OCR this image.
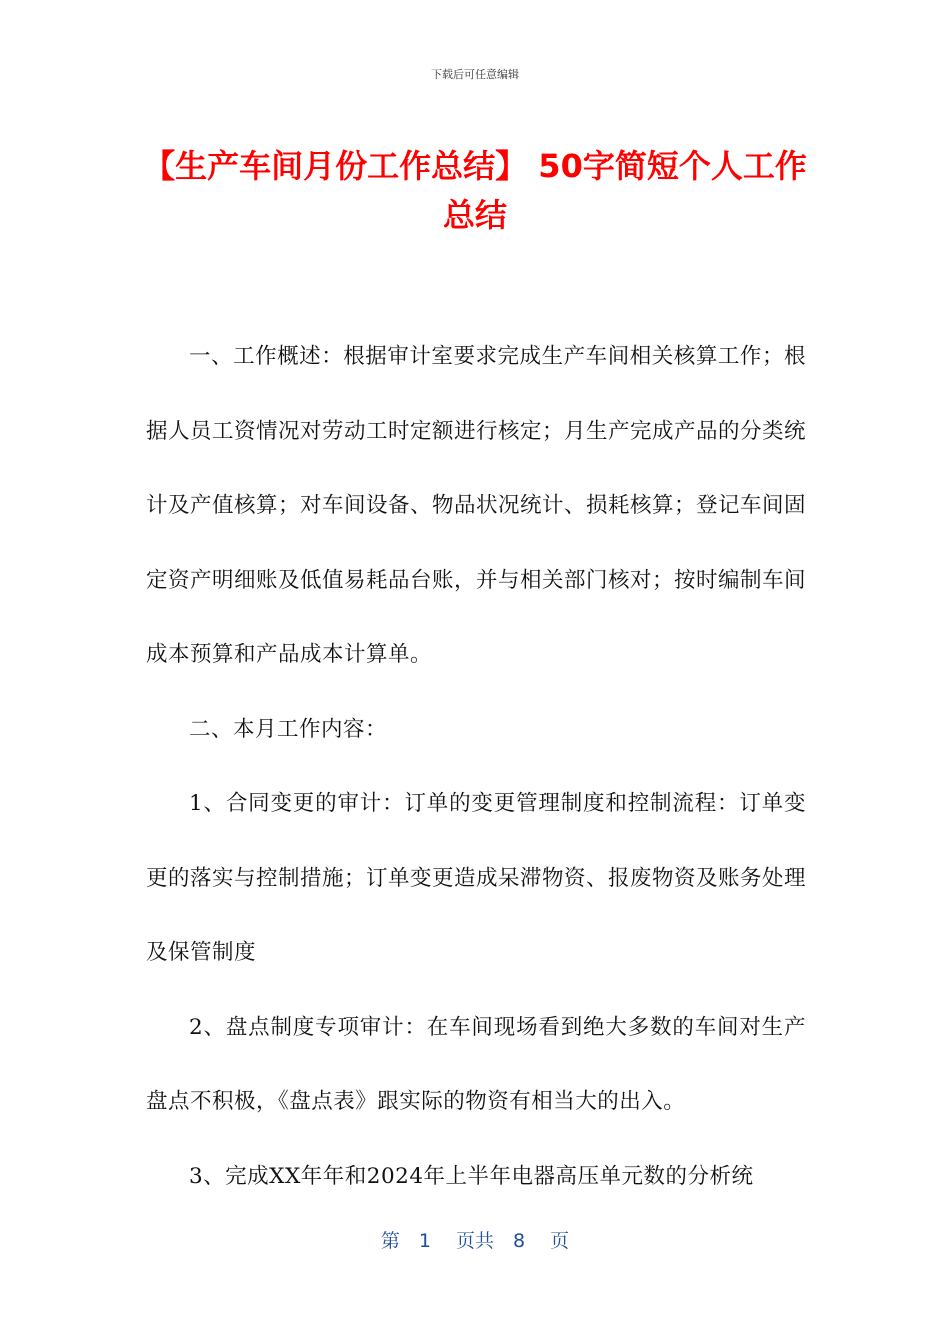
下载后可任意编辑
【生产车间月份工作总结】 50字简短个人工作总结

一、工作概述：根据审计室要求完成生产车间相关核算工作；根据人员工资情况对劳动工时定额进行核定；月生产完成产品的分类统计及产值核算；对车间设备、物品状况统计、损耗核算；登记车间固定资产明细账及低值易耗品台账，并与相关部门核对；按时编制车间成本预算和产品成本计算单。

二、本月工作内容：

1、合同变更的审计：订单的变更管理制度和控制流程：订单变更的落实与控制措施；订单变更造成呆滞物资、报废物资及账务处理及保管制度

2、盘点制度专项审计：在车间现场看到绝大多数的车间对生产盘点不积极，《盘点表》跟实际的物资有相当大的出入。

3、完成XX年年和2024年上半年电器高压单元数的分析统

第　1　 页共　8　 页
